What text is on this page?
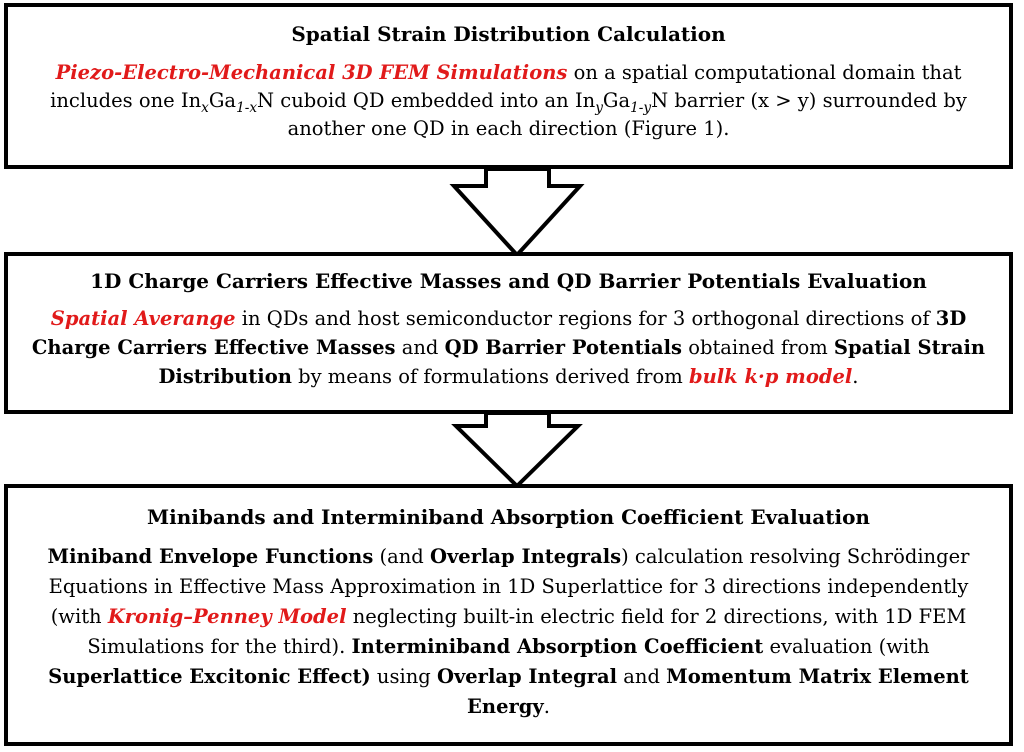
Spatial Strain Distribution Calculation

Piezo-Electro-Mechanical 3D FEM Simulations on a spatial computational domain that includes one $In_xGa_{1-x}N$ cuboid QD embedded into an $In_yGa_{1-y}N$ barrier (x > y) surrounded by another one QD in each direction (Figure 1).

1D Charge Carriers Effective Masses and QD Barrier Potentials Evaluation

Spatial Averange in QDs and host semiconductor regions for 3 orthogonal directions of 3D Charge Carriers Effective Masses and QD Barrier Potentials obtained from Spatial Strain Distribution by means of formulations derived from bulk k·p model.

Minibands and Interminiband Absorption Coefficient Evaluation

Miniband Envelope Functions (and Overlap Integrals) calculation resolving Schrödinger Equations in Effective Mass Approximation in 1D Superlattice for 3 directions independently (with Kronig–Penney Model neglecting built-in electric field for 2 directions, with 1D FEM Simulations for the third). Interminiband Absorption Coefficient evaluation (with Superlattice Excitonic Effect) using Overlap Integral and Momentum Matrix Element Energy.
